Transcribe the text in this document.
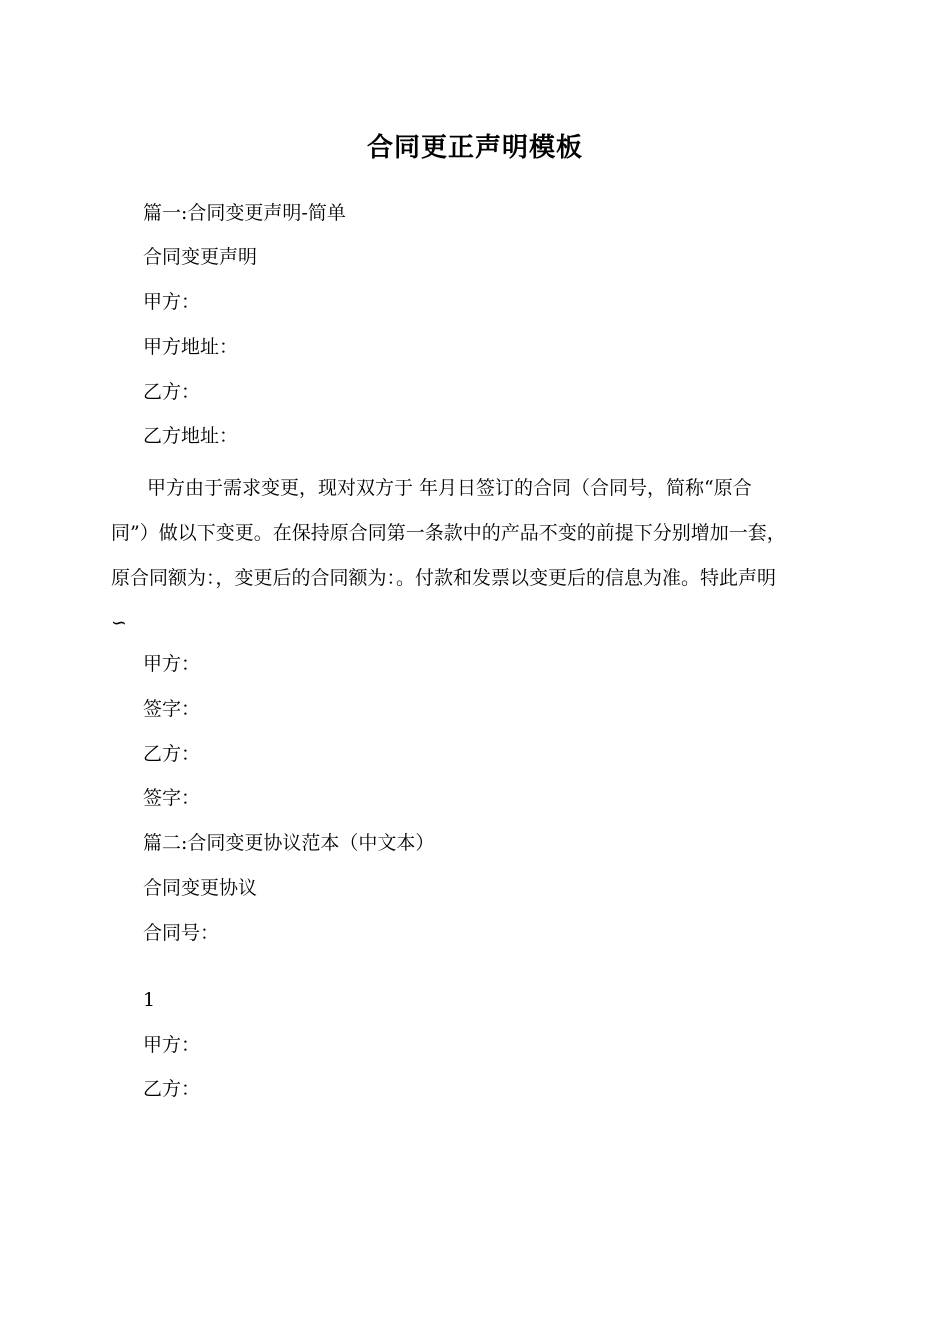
合同更正声明模板
篇一:合同变更声明-简单
合同变更声明
甲方：
甲方地址：
乙方：
乙方地址：
甲方由于需求变更，现对双方于 年月日签订的合同（合同号，简称“原合
同”）做以下变更。在保持原合同第一条款中的产品不变的前提下分别增加一套，
原合同额为：，变更后的合同额为：。付款和发票以变更后的信息为准。特此声明
∽
甲方：
签字：
乙方：
签字：
篇二:合同变更协议范本（中文本）
合同变更协议
合同号：
1
甲方：
乙方：
